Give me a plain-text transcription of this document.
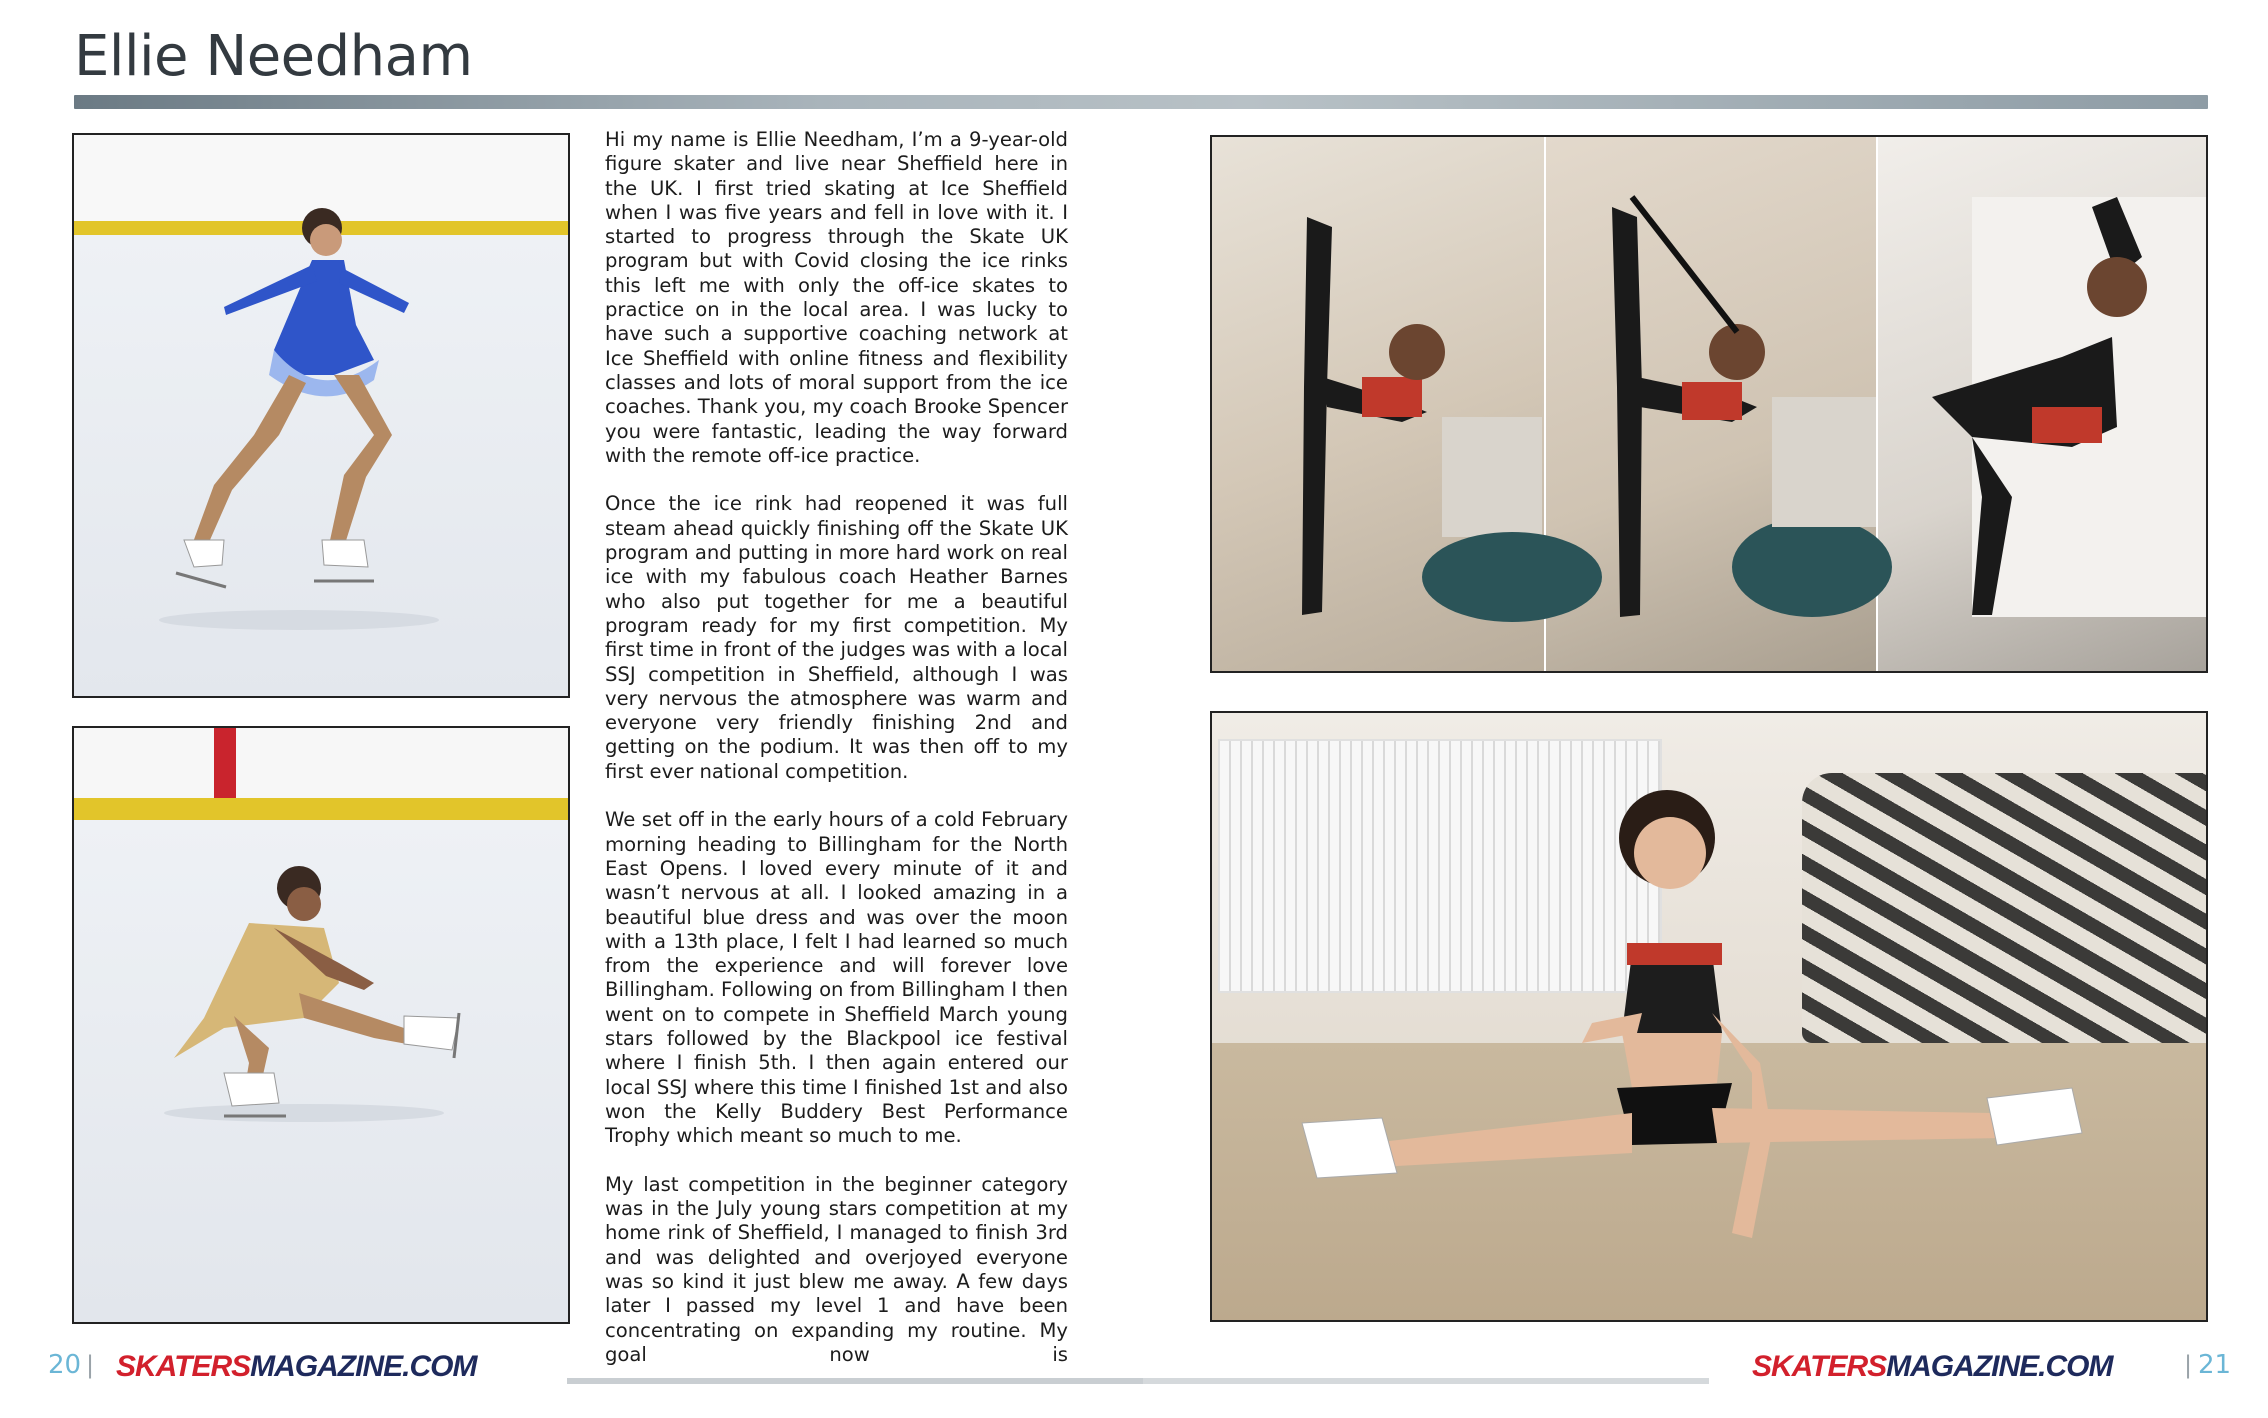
Ellie Needham

Hi my name is Ellie Needham, I’m a 9-year-old figure skater and live near Sheffield here in the UK. I first tried skating at Ice Sheffield when I was five years and fell in love with it. I started to progress through the Skate UK program but with Covid closing the ice rinks this left me with only the off-ice skates to practice on in the local area. I was lucky to have such a supportive coaching network at Ice Sheffield with online fitness and flexibility classes and lots of moral support from the ice coaches. Thank you, my coach Brooke Spencer you were fantastic, leading the way forward with the remote off-ice practice.

Once the ice rink had reopened it was full steam ahead quickly finishing off the Skate UK program and putting in more hard work on real ice with my fabulous coach Heather Barnes who also put together for me a beautiful program ready for my first competition. My first time in front of the judges was with a local SSJ competition in Sheffield, although I was very nervous the atmosphere was warm and everyone very friendly finishing 2nd and getting on the podium. It was then off to my first ever national competition.

We set off in the early hours of a cold February morning heading to Billingham for the North East Opens. I loved every minute of it and wasn’t nervous at all. I looked amazing in a beautiful blue dress and was over the moon with a 13th place, I felt I had learned so much from the experience and will forever love Billingham. Following on from Billingham I then went on to compete in Sheffield March young stars followed by the Blackpool ice festival where I finish 5th. I then again entered our local SSJ where this time I finished 1st and also won the Kelly Buddery Best Performance Trophy which meant so much to me.

My last competition in the beginner category was in the July young stars competition at my home rink of Sheffield, I managed to finish 3rd and was delighted and overjoyed everyone was so kind it just blew me away. A few days later I passed my level 1 and have been concentrating on expanding my routine. My goal now is

20 | SKATERSMAGAZINE.COM	SKATERSMAGAZINE.COM	| 21
